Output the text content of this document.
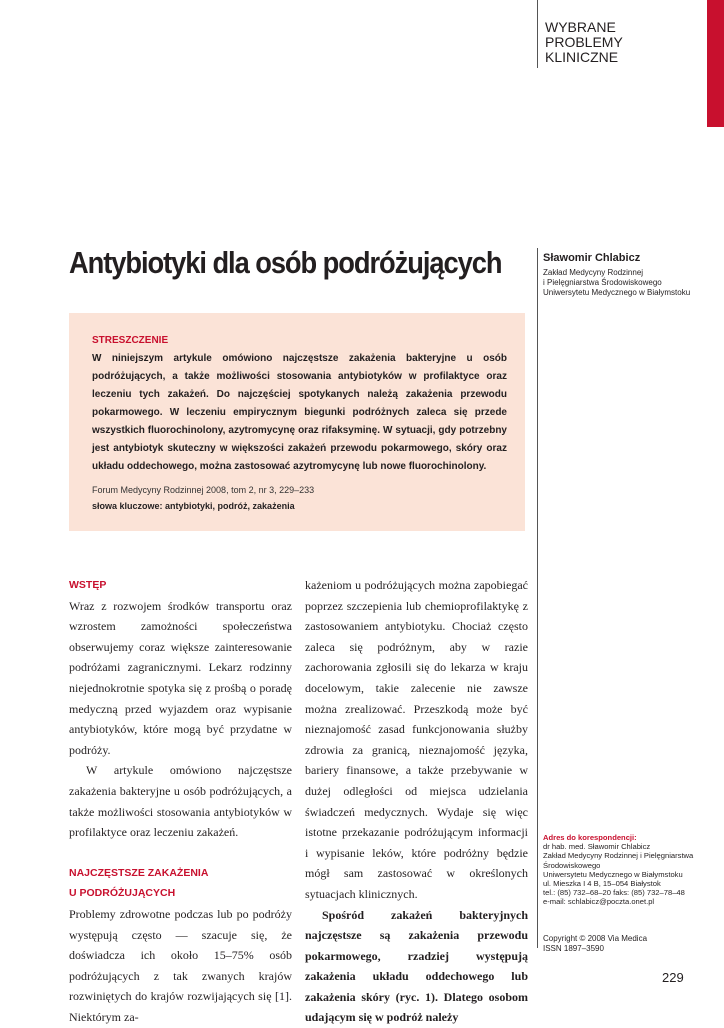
WYBRANE
PROBLEMY
KLINICZNE
Antybiotyki dla osób podróżujących	Sławomir Chlabicz
Zakład Medycyny Rodzinnej
i Pielęgniarstwa Środowiskowego
Uniwersytetu Medycznego w Białymstoku
STRESZCZENIE

W niniejszym artykule omówiono najczęstsze zakażenia bakteryjne u osób podróżujących, a także możliwości stosowania antybiotyków w profilaktyce oraz leczeniu tych zakażeń. Do najczęściej spotykanych należą zakażenia przewodu pokarmowego. W leczeniu empirycznym biegunki podróżnych zaleca się przede wszystkich fluorochinolony, azytromycynę oraz rifaksyminę. W sytuacji, gdy potrzebny jest antybiotyk skuteczny w większości zakażeń przewodu pokarmowego, skóry oraz układu oddechowego, można zastosować azytromycynę lub nowe fluorochinolony.

Forum Medycyny Rodzinnej 2008, tom 2, nr 3, 229–233
słowa kluczowe: antybiotyki, podróż, zakażenia
WSTĘP

Wraz z rozwojem środków transportu oraz wzrostem zamożności społeczeństwa obserwujemy coraz większe zainteresowanie podróżami zagranicznymi. Lekarz rodzinny niejednokrotnie spotyka się z prośbą o poradę medyczną przed wyjazdem oraz wypisanie antybiotyków, które mogą być przydatne w podróży.

W artykule omówiono najczęstsze zakażenia bakteryjne u osób podróżujących, a także możliwości stosowania antybiotyków w profilaktyce oraz leczeniu zakażeń.

NAJCZĘSTSZE ZAKAŻENIA
U PODRÓŻUJĄCYCH

Problemy zdrowotne podczas lub po podróży występują często — szacuje się, że doświadcza ich około 15–75% osób podróżujących z tak zwanych krajów rozwiniętych do krajów rozwijających się [1]. Niektórym za-

każeniom u podróżujących można zapobiegać poprzez szczepienia lub chemioprofilaktykę z zastosowaniem antybiotyku. Chociaż często zaleca się podróżnym, aby w razie zachorowania zgłosili się do lekarza w kraju docelowym, takie zalecenie nie zawsze można zrealizować. Przeszkodą może być nieznajomość zasad funkcjonowania służby zdrowia za granicą, nieznajomość języka, bariery finansowe, a także przebywanie w dużej odległości od miejsca udzielania świadczeń medycznych. Wydaje się więc istotne przekazanie podróżującym informacji i wypisanie leków, które podróżny będzie mógł sam zastosować w określonych sytuacjach klinicznych.

Spośród zakażeń bakteryjnych najczęstsze są zakażenia przewodu pokarmowego, rzadziej występują zakażenia układu oddechowego lub zakażenia skóry (ryc. 1). Dlatego osobom udającym się w podróż należy

Adres do korespondencji:
dr hab. med. Sławomir Chlabicz
Zakład Medycyny Rodzinnej i Pielęgniarstwa
Środowiskowego
Uniwersytetu Medycznego w Białymstoku
ul. Mieszka I 4 B, 15–054 Białystok
tel.: (85) 732–68–20 faks: (85) 732–78–48
e-mail: schlabicz@poczta.onet.pl
Copyright © 2008 Via Medica
ISSN 1897–3590
229
